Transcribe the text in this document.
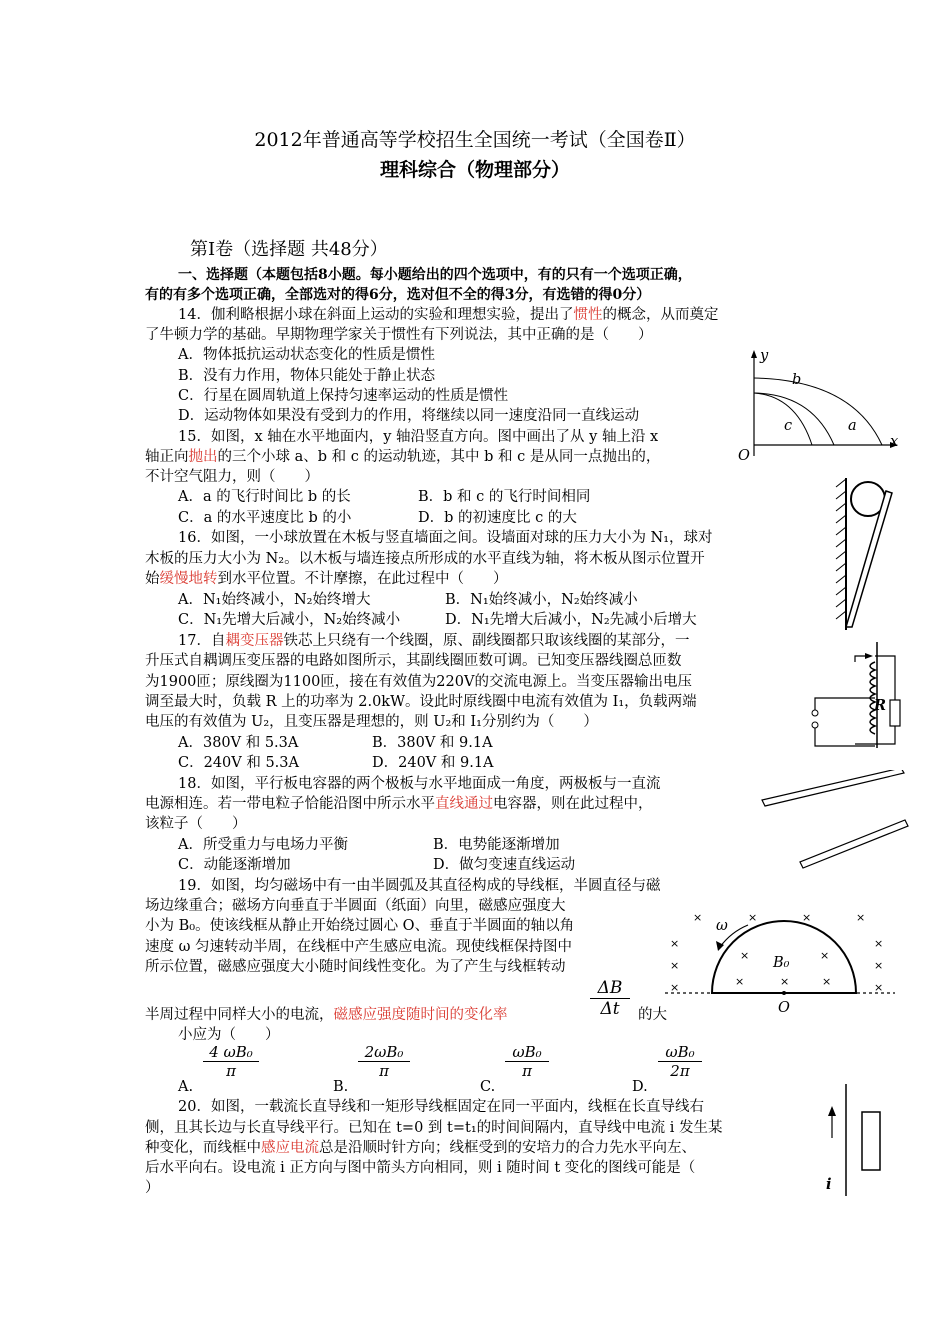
2012年普通高等学校招生全国统一考试（全国卷Ⅱ）
理科综合（物理部分）
第Ⅰ卷（选择题 共48分）
一、选择题（本题包括8小题。每小题给出的四个选项中，有的只有一个选项正确，
有的有多个选项正确，全部选对的得6分，选对但不全的得3分，有选错的得0分）
14．伽利略根据小球在斜面上运动的实验和理想实验，提出了惯性的概念，从而奠定
了牛顿力学的基础。早期物理学家关于惯性有下列说法，其中正确的是（　　）
A．物体抵抗运动状态变化的性质是惯性
B．没有力作用，物体只能处于静止状态
C．行星在圆周轨道上保持匀速率运动的性质是惯性
D．运动物体如果没有受到力的作用，将继续以同一速度沿同一直线运动
15．如图，x 轴在水平地面内，y 轴沿竖直方向。图中画出了从 y 轴上沿 x
轴正向抛出的三个小球 a、b 和 c 的运动轨迹，其中 b 和 c 是从同一点抛出的，
不计空气阻力，则（　　）
A．a 的飞行时间比 b 的长	B．b 和 c 的飞行时间相同
C．a 的水平速度比 b 的小	D．b 的初速度比 c 的大
16．如图，一小球放置在木板与竖直墙面之间。设墙面对球的压力大小为 N₁，球对
木板的压力大小为 N₂。以木板与墙连接点所形成的水平直线为轴，将木板从图示位置开
始缓慢地转到水平位置。不计摩擦，在此过程中（　　）
A．N₁始终减小，N₂始终增大	B．N₁始终减小，N₂始终减小
C．N₁先增大后减小，N₂始终减小	D．N₁先增大后减小，N₂先减小后增大
17．自耦变压器铁芯上只绕有一个线圈，原、副线圈都只取该线圈的某部分，一
升压式自耦调压变压器的电路如图所示，其副线圈匝数可调。已知变压器线圈总匝数
为1900匝；原线圈为1100匝，接在有效值为220V的交流电源上。当变压器输出电压
调至最大时，负载 R 上的功率为 2.0kW。设此时原线圈中电流有效值为 I₁，负载两端
电压的有效值为 U₂，且变压器是理想的，则 U₂和 I₁分别约为（　　）
A．380V 和 5.3A	B．380V 和 9.1A
C．240V 和 5.3A	D．240V 和 9.1A
18．如图，平行板电容器的两个极板与水平地面成一角度，两极板与一直流
电源相连。若一带电粒子恰能沿图中所示水平直线通过电容器，则在此过程中，
该粒子（　　）
A．所受重力与电场力平衡	B．电势能逐渐增加
C．动能逐渐增加	D．做匀变速直线运动
19．如图，均匀磁场中有一由半圆弧及其直径构成的导线框，半圆直径与磁
场边缘重合；磁场方向垂直于半圆面（纸面）向里，磁感应强度大
小为 B₀。使该线框从静止开始绕过圆心 O、垂直于半圆面的轴以角
速度 ω 匀速转动半周，在线框中产生感应电流。现使线框保持图中
所示位置，磁感应强度大小随时间线性变化。为了产生与线框转动
$\frac{\Delta B}{\Delta t}$
半周过程中同样大小的电流，磁感应强度随时间的变化率	的大
小应为（　　）
A.
$\frac{\text{4 ωB₀}}{\pi}$
B.
$\frac{\text{2ωB₀}}{\pi}$
C.
$\frac{\text{ωB₀}}{\pi}$
D.
$\frac{\text{ωB₀}}{2\pi}$
20．如图，一载流长直导线和一矩形导线框固定在同一平面内，线框在长直导线右
侧，且其长边与长直导线平行。已知在 t=0 到 t=t₁的时间间隔内，直导线中电流 i 发生某
种变化，而线框中感应电流总是沿顺时针方向；线框受到的安培力的合力先水平向左、
后水平向右。设电流 i 正方向与图中箭头方向相同，则 i 随时间 t 变化的图线可能是（
）
y
x
O
a
b
c
R
×	×	×	×
×	×
×
×	×
×
×	×	×	×	×
ω
B₀
O
i
